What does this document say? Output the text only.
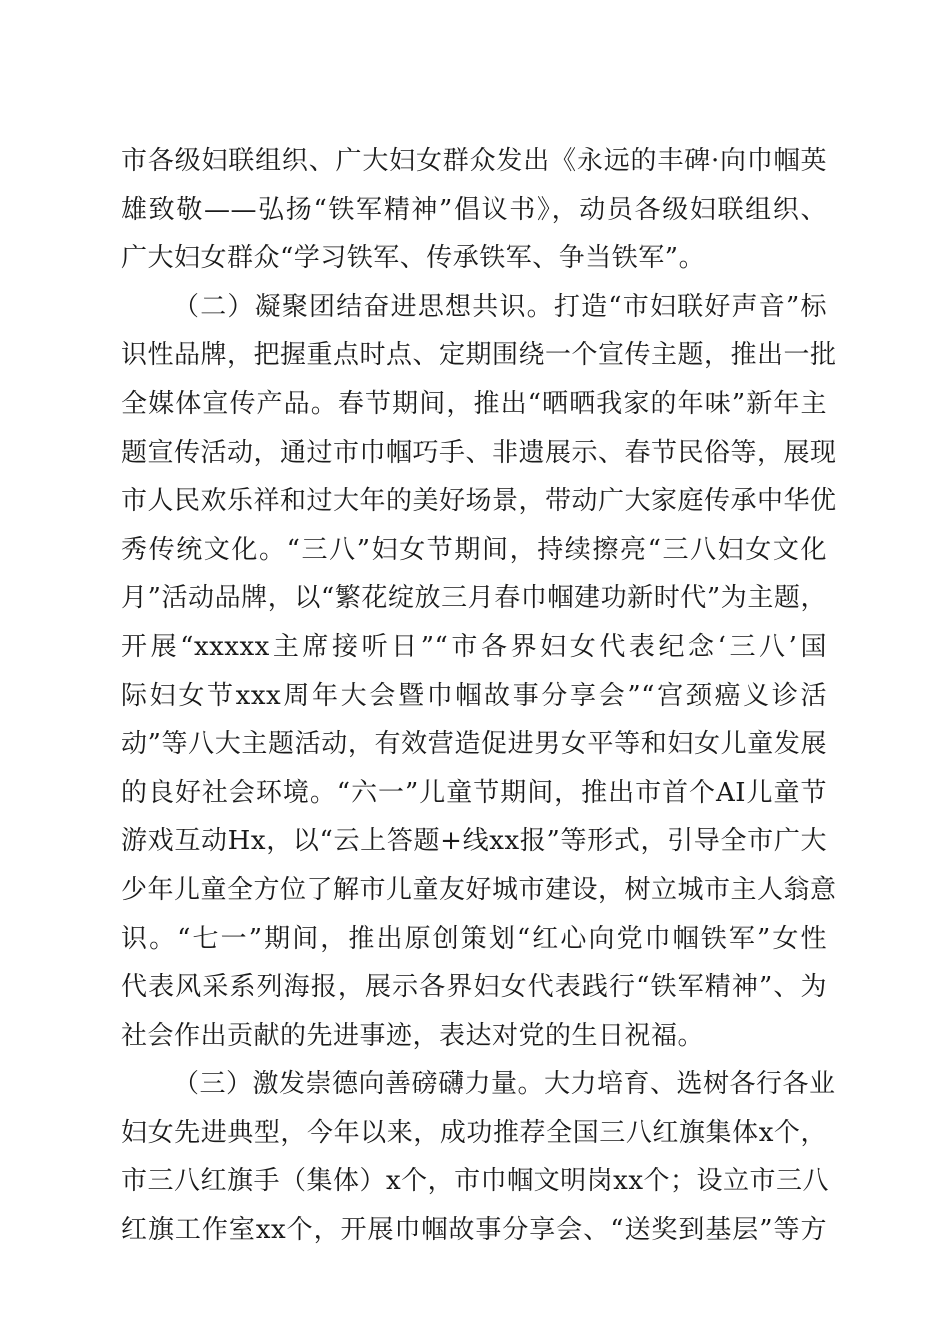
市各级妇联组织、广大妇女群众发出《永远的丰碑·向巾帼英
雄致敬——弘扬“铁军精神”倡议书》，动员各级妇联组织、
广大妇女群众“学习铁军、传承铁军、争当铁军”。
（二）凝聚团结奋进思想共识。打造“市妇联好声音”标
识性品牌，把握重点时点、定期围绕一个宣传主题，推出一批
全媒体宣传产品。春节期间，推出“晒晒我家的年味”新年主
题宣传活动，通过市巾帼巧手、非遗展示、春节民俗等，展现
市人民欢乐祥和过大年的美好场景，带动广大家庭传承中华优
秀传统文化。“三八”妇女节期间，持续擦亮“三八妇女文化
月”活动品牌，以“繁花绽放三月春巾帼建功新时代”为主题，
开展“xxxxx主席接听日”“市各界妇女代表纪念‘三八’国
际妇女节xxx周年大会暨巾帼故事分享会”“宫颈癌义诊活
动”等八大主题活动，有效营造促进男女平等和妇女儿童发展
的良好社会环境。“六一”儿童节期间，推出市首个AI儿童节
游戏互动Hx，以“云上答题+线xx报”等形式，引导全市广大
少年儿童全方位了解市儿童友好城市建设，树立城市主人翁意
识。“七一”期间，推出原创策划“红心向党巾帼铁军”女性
代表风采系列海报，展示各界妇女代表践行“铁军精神”、为
社会作出贡献的先进事迹，表达对党的生日祝福。
（三）激发崇德向善磅礴力量。大力培育、选树各行各业
妇女先进典型，今年以来，成功推荐全国三八红旗集体x个，
市三八红旗手（集体）x个，市巾帼文明岗xx个；设立市三八
红旗工作室xx个，开展巾帼故事分享会、“送奖到基层”等方
